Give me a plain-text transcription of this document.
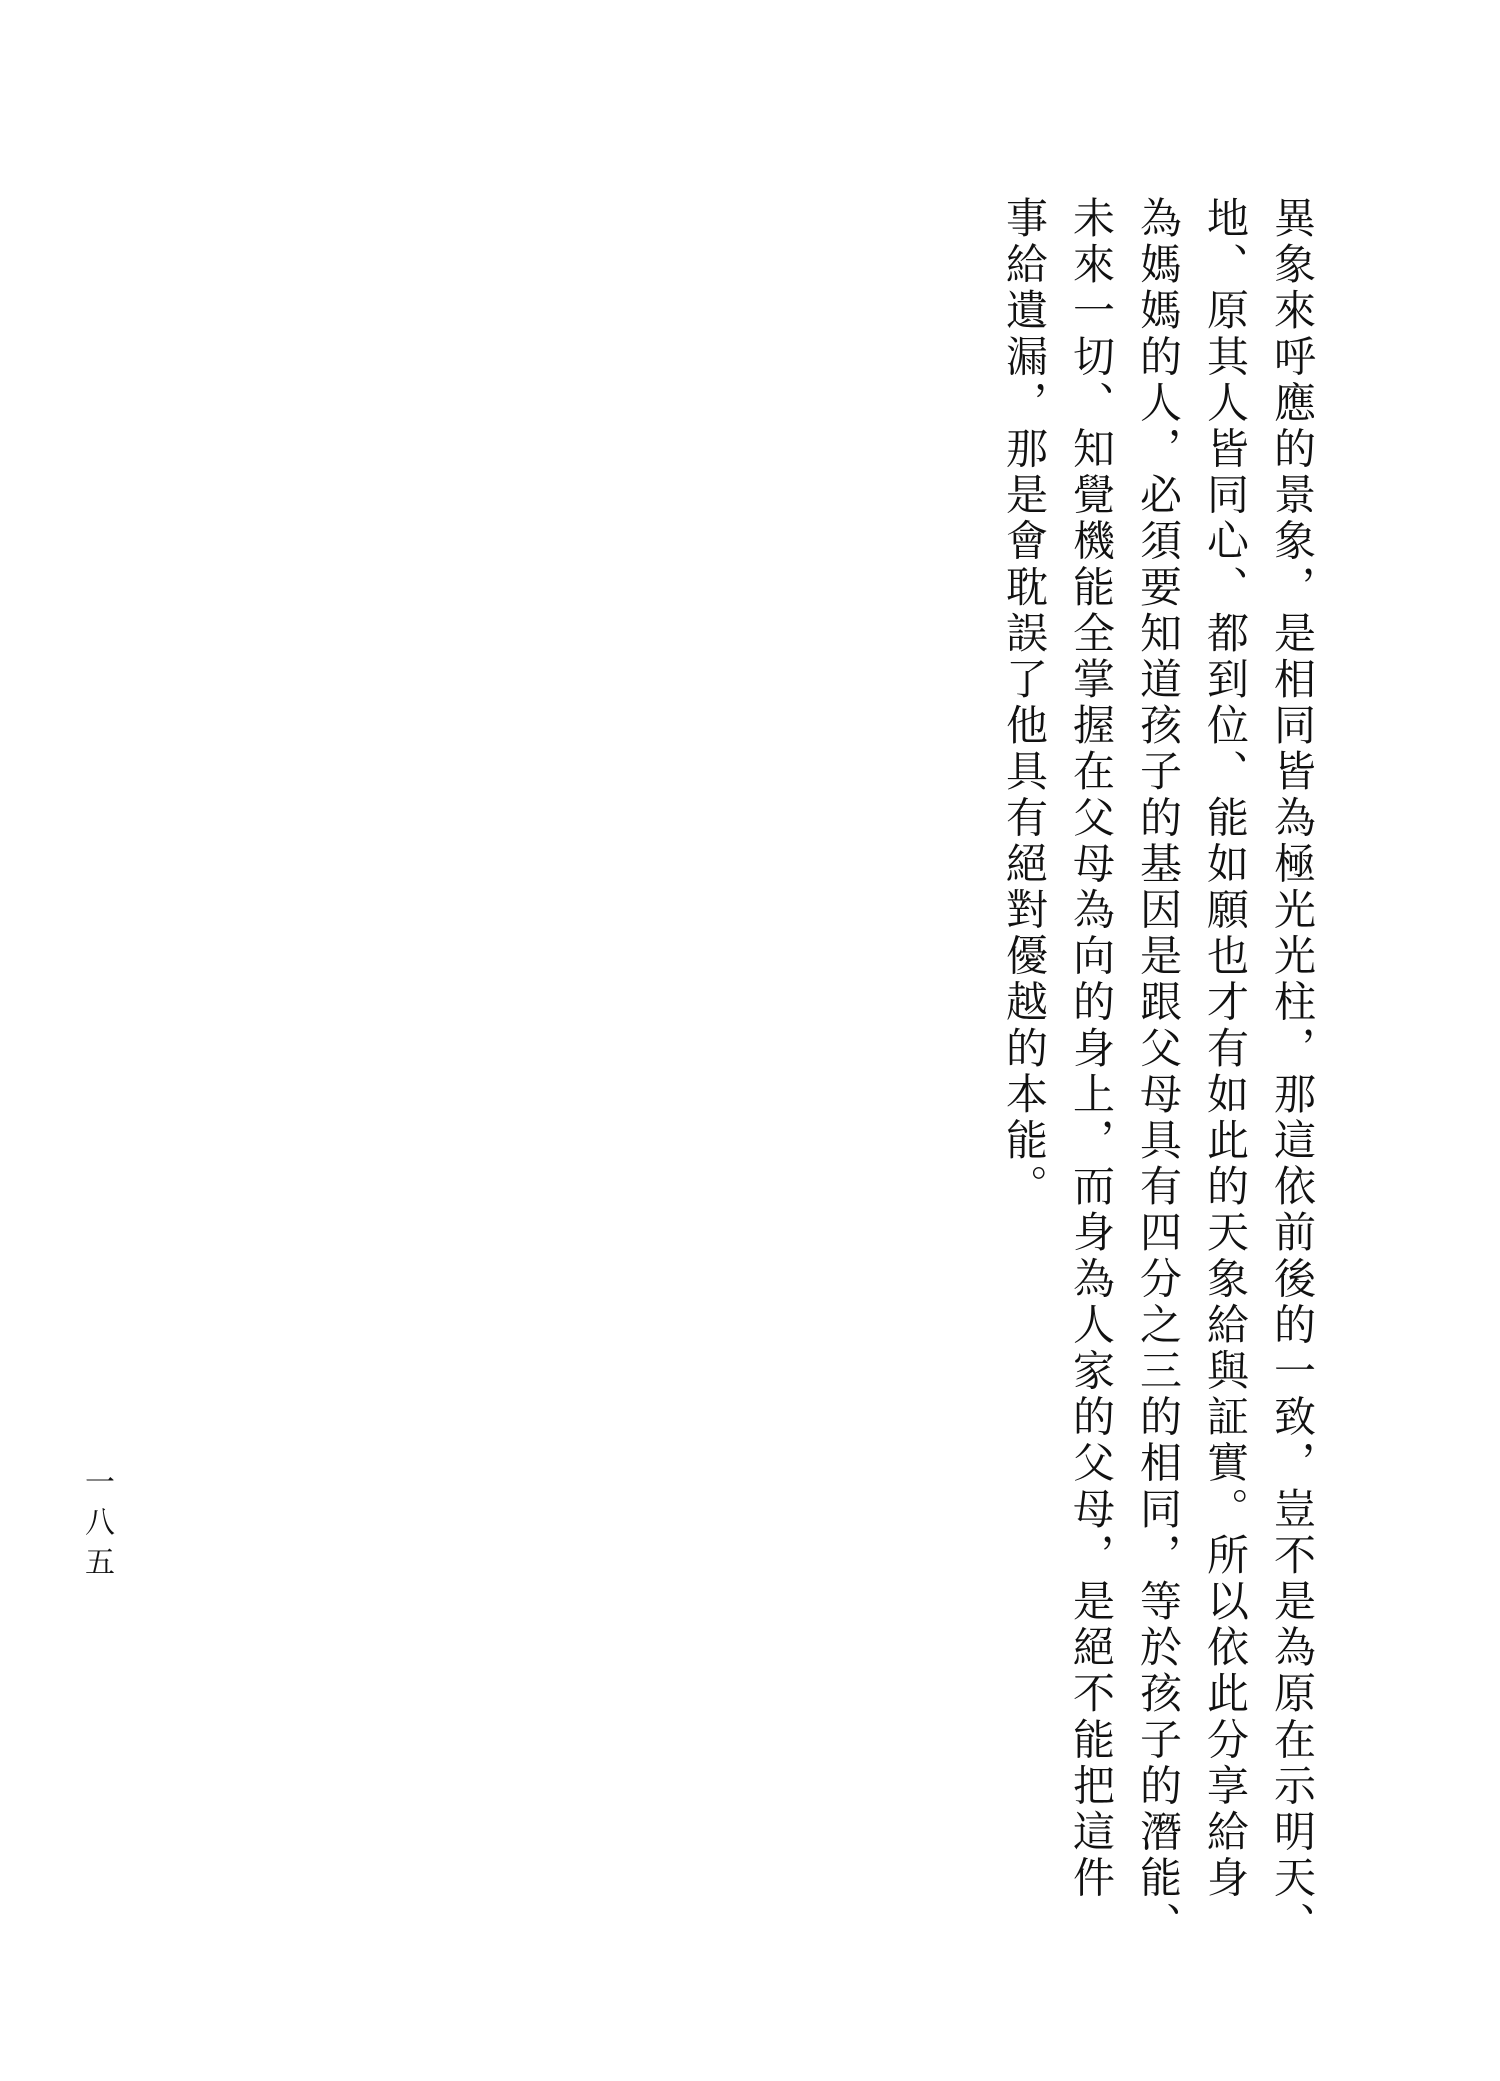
異象來呼應的景象，是相同皆為極光光柱，那這依前後的一致，豈不是為原在示明天、
地、原其人皆同心、都到位、能如願也才有如此的天象給與証實。所以依此分享給身
為媽媽的人，必須要知道孩子的基因是跟父母具有四分之三的相同，等於孩子的潛能、
未來一切、知覺機能全掌握在父母為向的身上，而身為人家的父母，是絕不能把這件
事給遺漏，那是會耽誤了他具有絕對優越的本能。
一八五
